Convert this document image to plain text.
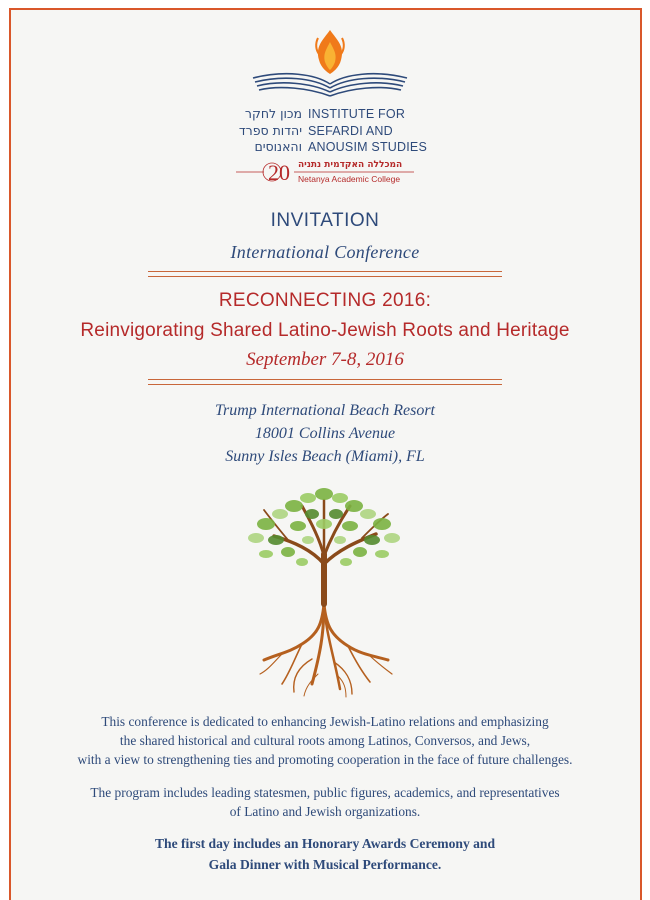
מכון לחקר
יהדות ספרד
והאנוסים
INSTITUTE FOR
SEFARDI AND
ANOUSIM STUDIES
20 המכללה האקדמית נתניה
Netanya Academic College
INVITATION
International Conference
RECONNECTING 2016:
Reinvigorating Shared Latino-Jewish Roots and Heritage
September 7-8, 2016
Trump International Beach Resort
18001 Collins Avenue
Sunny Isles Beach (Miami), FL
This conference is dedicated to enhancing Jewish-Latino relations and emphasizing
the shared historical and cultural roots among Latinos, Conversos, and Jews,
with a view to strengthening ties and promoting cooperation in the face of future challenges.
The program includes leading statesmen, public figures, academics, and representatives
of Latino and Jewish organizations.
The first day includes an Honorary Awards Ceremony and
Gala Dinner with Musical Performance.
